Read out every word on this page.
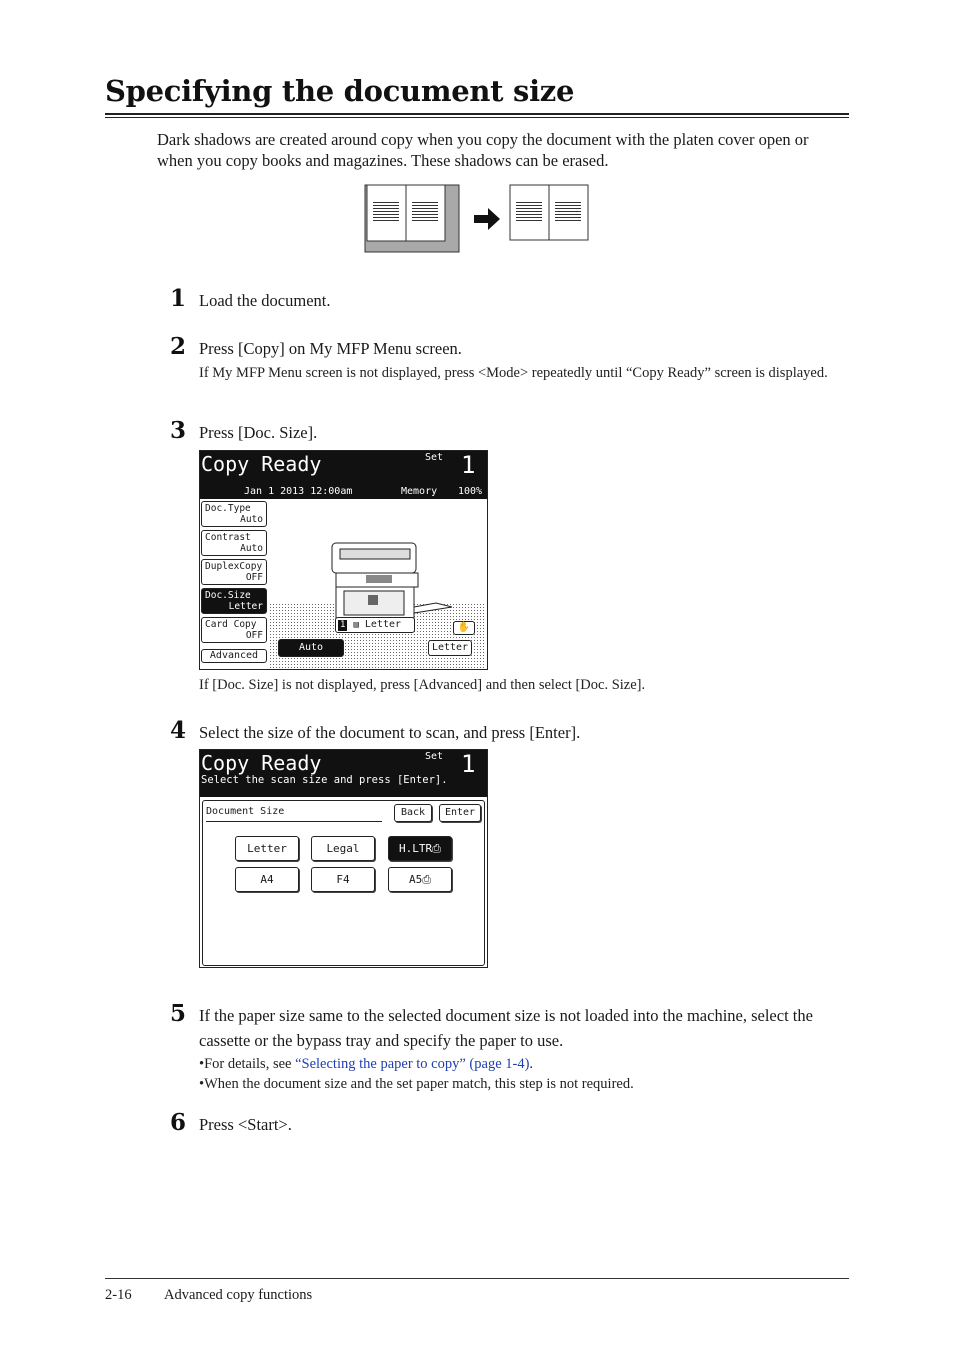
Specifying the document size
Dark shadows are created around copy when you copy the document with the platen cover open or when you copy books and magazines. These shadows can be erased.
1 Load the document.
2 Press [Copy] on My MFP Menu screen.
If My MFP Menu screen is not displayed, press <Mode> repeatedly until “Copy Ready” screen is displayed.
3 Press [Doc. Size].
Copy Ready	Set 1
Jan 1 2013 12:00am	Memory 100%
Doc.Type
Auto
Contrast
Auto
DuplexCopy
OFF
Doc.Size
Letter
Card Copy
OFF
Advanced
1 ▤ Letter	✋
Auto	Letter
If [Doc. Size] is not displayed, press [Advanced] and then select [Doc. Size].
4 Select the size of the document to scan, and press [Enter].
Copy Ready	Set 1
Select the scan size and press [Enter].
Document Size	Back	Enter
Letter	Legal	H.LTR⎙
A4	F4	A5⎙
5 If the paper size same to the selected document size is not loaded into the machine, select the cassette or the bypass tray and specify the paper to use.
•For details, see “Selecting the paper to copy” (page 1-4).
•When the document size and the set paper match, this step is not required.
6 Press <Start>.
2-16 Advanced copy functions
